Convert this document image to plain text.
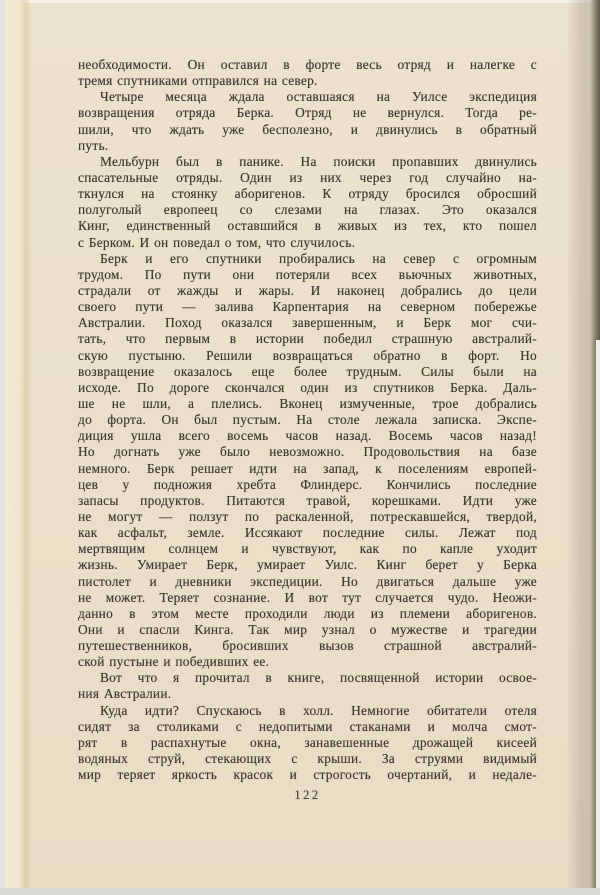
необходимости. Он оставил в форте весь отряд и налегке с
тремя спутниками отправился на север.
Четыре месяца ждала оставшаяся на Уилсе экспедиция
возвращения отряда Берка. Отряд не вернулся. Тогда ре-
шили, что ждать уже бесполезно, и двинулись в обратный
путь.
Мельбурн был в панике. На поиски пропавших двинулись
спасательные отряды. Один из них через год случайно на-
ткнулся на стоянку аборигенов. К отряду бросился обросший
полуголый европеец со слезами на глазах. Это оказался
Кинг, единственный оставшийся в живых из тех, кто пошел
с Берком. И он поведал о том, что случилось.
Берк и его спутники пробирались на север с огромным
трудом. По пути они потеряли всех вьючных животных,
страдали от жажды и жары. И наконец добрались до цели
своего пути — залива Карпентария на северном побережье
Австралии. Поход оказался завершенным, и Берк мог счи-
тать, что первым в истории победил страшную австралий-
скую пустыню. Решили возвращаться обратно в форт. Но
возвращение оказалось еще более трудным. Силы были на
исходе. По дороге скончался один из спутников Берка. Даль-
ше не шли, а плелись. Вконец измученные, трое добрались
до форта. Он был пустым. На столе лежала записка. Экспе-
диция ушла всего восемь часов назад. Восемь часов назад!
Но догнать уже было невозможно. Продовольствия на базе
немного. Берк решает идти на запад, к поселениям европей-
цев у подножия хребта Флиндерс. Кончились последние
запасы продуктов. Питаются травой, корешками. Идти уже
не могут — ползут по раскаленной, потрескавшейся, твердой,
как асфальт, земле. Иссякают последние силы. Лежат под
мертвящим солнцем и чувствуют, как по капле уходит
жизнь. Умирает Берк, умирает Уилс. Кинг берет у Берка
пистолет и дневники экспедиции. Но двигаться дальше уже
не может. Теряет сознание. И вот тут случается чудо. Неожи-
данно в этом месте проходили люди из племени аборигенов.
Они и спасли Кинга. Так мир узнал о мужестве и трагедии
путешественников, бросивших вызов страшной австралий-
ской пустыне и победивших ее.
Вот что я прочитал в книге, посвященной истории освое-
ния Австралии.
Куда идти? Спускаюсь в холл. Немногие обитатели отеля
сидят за столиками с недопитыми стаканами и молча смот-
рят в распахнутые окна, занавешенные дрожащей кисеей
водяных струй, стекающих с крыши. За струями видимый
мир теряет яркость красок и строгость очертаний, и недале-
122
